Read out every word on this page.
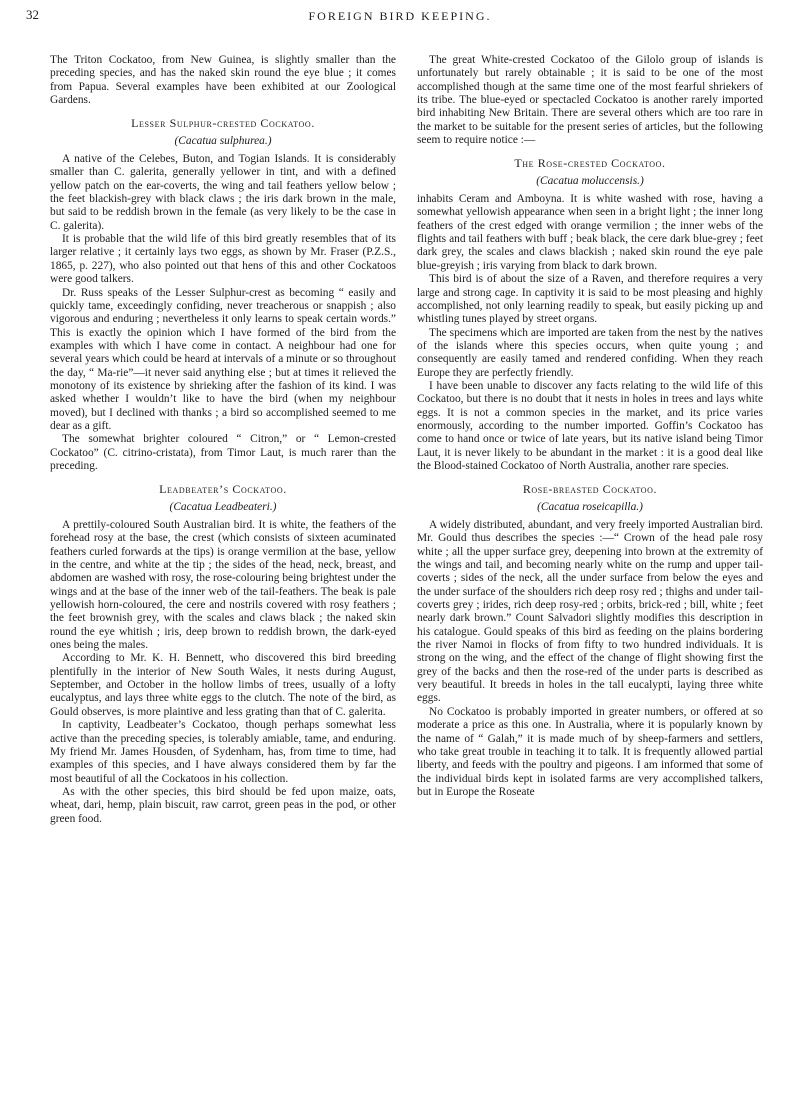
32	FOREIGN BIRD KEEPING.

The Triton Cockatoo, from New Guinea, is slightly smaller than the preceding species, and has the naked skin round the eye blue ; it comes from Papua. Several examples have been exhibited at our Zoological Gardens.

Lesser Sulphur-crested Cockatoo.
(Cacatua sulphurea.)

A native of the Celebes, Buton, and Togian Islands. It is considerably smaller than C. galerita, generally yellower in tint, and with a defined yellow patch on the ear-coverts, the wing and tail feathers yellow below ; the feet blackish-grey with black claws ; the iris dark brown in the male, but said to be reddish brown in the female (as very likely to be the case in C. galerita).

It is probable that the wild life of this bird greatly resembles that of its larger relative ; it certainly lays two eggs, as shown by Mr. Fraser (P.Z.S., 1865, p. 227), who also pointed out that hens of this and other Cockatoos were good talkers.

Dr. Russ speaks of the Lesser Sulphur-crest as becoming “ easily and quickly tame, exceedingly confiding, never treacherous or snappish ; also vigorous and enduring ; nevertheless it only learns to speak certain words.” This is exactly the opinion which I have formed of the bird from the examples with which I have come in contact. A neighbour had one for several years which could be heard at intervals of a minute or so throughout the day, “ Ma-rie”—it never said anything else ; but at times it relieved the monotony of its existence by shrieking after the fashion of its kind. I was asked whether I wouldn’t like to have the bird (when my neighbour moved), but I declined with thanks ; a bird so accomplished seemed to me dear as a gift.

The somewhat brighter coloured “ Citron,” or “ Lemon-crested Cockatoo” (C. citrino-cristata), from Timor Laut, is much rarer than the preceding.

Leadbeater’s Cockatoo.
(Cacatua Leadbeateri.)

A prettily-coloured South Australian bird. It is white, the feathers of the forehead rosy at the base, the crest (which consists of sixteen acuminated feathers curled forwards at the tips) is orange vermilion at the base, yellow in the centre, and white at the tip ; the sides of the head, neck, breast, and abdomen are washed with rosy, the rose-colouring being brightest under the wings and at the base of the inner web of the tail-feathers. The beak is pale yellowish horn-coloured, the cere and nostrils covered with rosy feathers ; the feet brownish grey, with the scales and claws black ; the naked skin round the eye whitish ; iris, deep brown to reddish brown, the dark-eyed ones being the males.

According to Mr. K. H. Bennett, who discovered this bird breeding plentifully in the interior of New South Wales, it nests during August, September, and October in the hollow limbs of trees, usually of a lofty eucalyptus, and lays three white eggs to the clutch. The note of the bird, as Gould observes, is more plaintive and less grating than that of C. galerita.

In captivity, Leadbeater’s Cockatoo, though perhaps somewhat less active than the preceding species, is tolerably amiable, tame, and enduring. My friend Mr. James Housden, of Sydenham, has, from time to time, had examples of this species, and I have always considered them by far the most beautiful of all the Cockatoos in his collection.

As with the other species, this bird should be fed upon maize, oats, wheat, dari, hemp, plain biscuit, raw carrot, green peas in the pod, or other green food.

The great White-crested Cockatoo of the Gilolo group of islands is unfortunately but rarely obtainable ; it is said to be one of the most accomplished though at the same time one of the most fearful shriekers of its tribe. The blue-eyed or spectacled Cockatoo is another rarely imported bird inhabiting New Britain. There are several others which are too rare in the market to be suitable for the present series of articles, but the following seem to require notice :—

The Rose-crested Cockatoo.
(Cacatua moluccensis.)

inhabits Ceram and Amboyna. It is white washed with rose, having a somewhat yellowish appearance when seen in a bright light ; the inner long feathers of the crest edged with orange vermilion ; the inner webs of the flights and tail feathers with buff ; beak black, the cere dark blue-grey ; feet dark grey, the scales and claws blackish ; naked skin round the eye pale blue-greyish ; iris varying from black to dark brown.

This bird is of about the size of a Raven, and therefore requires a very large and strong cage. In captivity it is said to be most pleasing and highly accomplished, not only learning readily to speak, but easily picking up and whistling tunes played by street organs.

The specimens which are imported are taken from the nest by the natives of the islands where this species occurs, when quite young ; and consequently are easily tamed and rendered confiding. When they reach Europe they are perfectly friendly.

I have been unable to discover any facts relating to the wild life of this Cockatoo, but there is no doubt that it nests in holes in trees and lays white eggs. It is not a common species in the market, and its price varies enormously, according to the number imported. Goffin’s Cockatoo has come to hand once or twice of late years, but its native island being Timor Laut, it is never likely to be abundant in the market : it is a good deal like the Blood-stained Cockatoo of North Australia, another rare species.

Rose-breasted Cockatoo.
(Cacatua roseicapilla.)

A widely distributed, abundant, and very freely imported Australian bird. Mr. Gould thus describes the species :—“ Crown of the head pale rosy white ; all the upper surface grey, deepening into brown at the extremity of the wings and tail, and becoming nearly white on the rump and upper tail-coverts ; sides of the neck, all the under surface from below the eyes and the under surface of the shoulders rich deep rosy red ; thighs and under tail-coverts grey ; irides, rich deep rosy-red ; orbits, brick-red ; bill, white ; feet nearly dark brown.” Count Salvadori slightly modifies this description in his catalogue. Gould speaks of this bird as feeding on the plains bordering the river Namoi in flocks of from fifty to two hundred individuals. It is strong on the wing, and the effect of the change of flight showing first the grey of the backs and then the rose-red of the under parts is described as very beautiful. It breeds in holes in the tall eucalypti, laying three white eggs.

No Cockatoo is probably imported in greater numbers, or offered at so moderate a price as this one. In Australia, where it is popularly known by the name of “ Galah,” it is made much of by sheep-farmers and settlers, who take great trouble in teaching it to talk. It is frequently allowed partial liberty, and feeds with the poultry and pigeons. I am informed that some of the individual birds kept in isolated farms are very accomplished talkers, but in Europe the Roseate
